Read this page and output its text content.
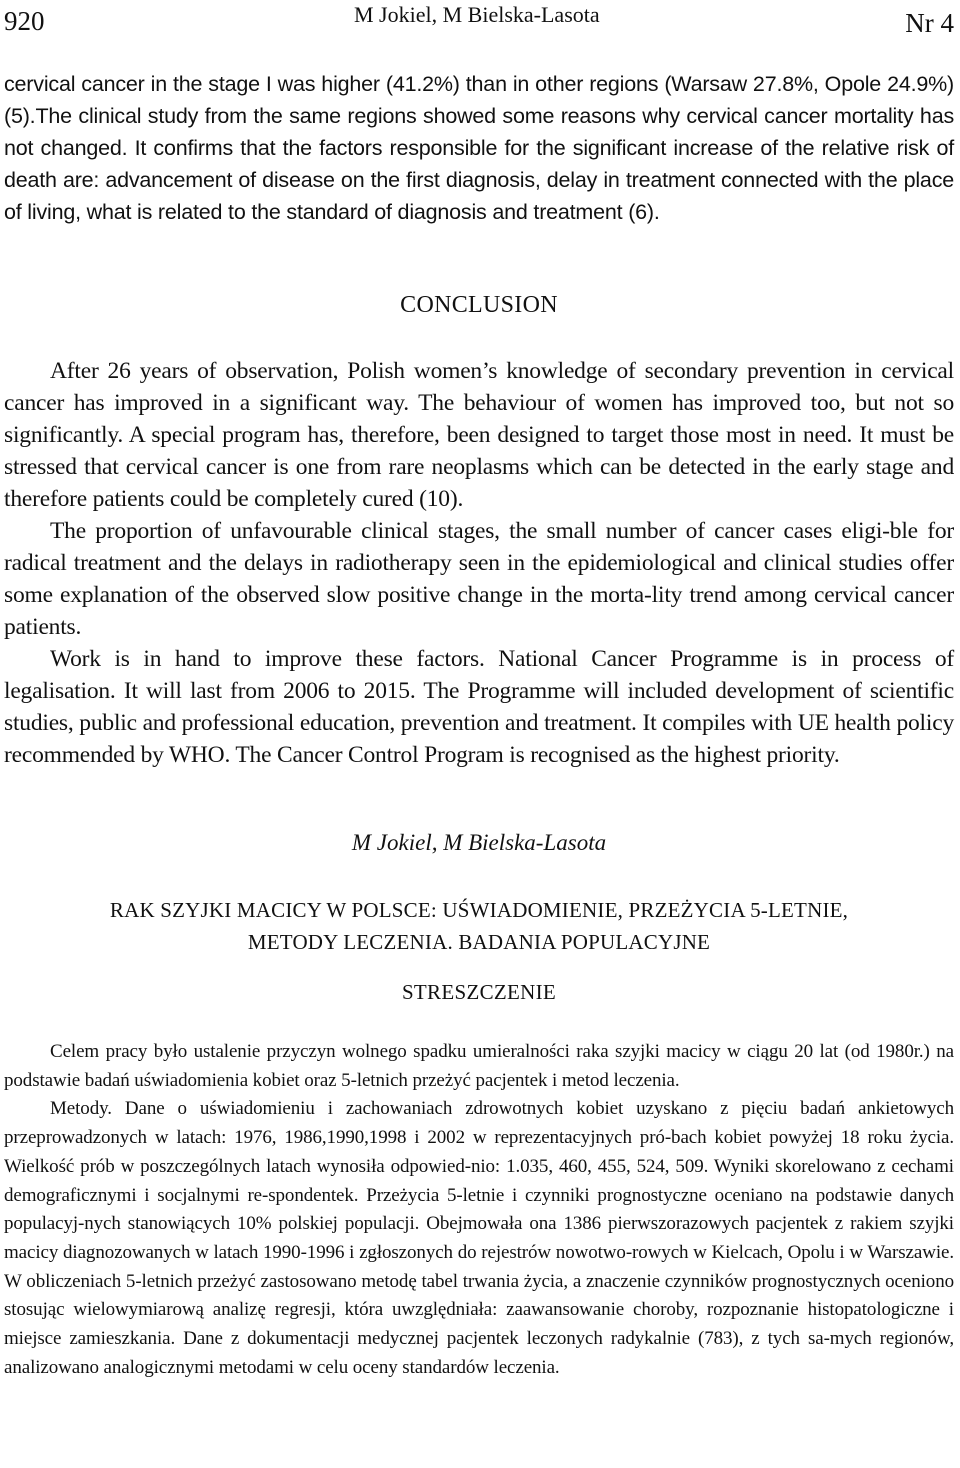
920	M Jokiel, M Bielska-Lasota	Nr 4

cervical cancer in the stage I was higher (41.2%) than in other regions (Warsaw 27.8%, Opole 24.9%) (5).The clinical study from the same regions showed some reasons why cervical cancer mortality has not changed. It confirms that the factors responsible for the significant increase of the relative risk of death are: advancement of disease on the first diagnosis, delay in treatment connected with the place of living, what is related to the standard of diagnosis and treatment (6).

CONCLUSION

After 26 years of observation, Polish women’s knowledge of secondary prevention in cervical cancer has improved in a significant way. The behaviour of women has improved too, but not so significantly. A special program has, therefore, been designed to target those most in need. It must be stressed that cervical cancer is one from rare neoplasms which can be detected in the early stage and therefore patients could be completely cured (10).

The proportion of unfavourable clinical stages, the small number of cancer cases eligi-ble for radical treatment and the delays in radiotherapy seen in the epidemiological and clinical studies offer some explanation of the observed slow positive change in the morta-lity trend among cervical cancer patients.

Work is in hand to improve these factors. National Cancer Programme is in process of legalisation. It will last from 2006 to 2015. The Programme will included development of scientific studies, public and professional education, prevention and treatment. It compiles with UE health policy recommended by WHO. The Cancer Control Program is recognised as the highest priority.

M Jokiel, M Bielska-Lasota
RAK SZYJKI MACICY W POLSCE: UŚWIADOMIENIE, PRZEŻYCIA 5-LETNIE,
METODY LECZENIA. BADANIA POPULACYJNE
STRESZCZENIE

Celem pracy było ustalenie przyczyn wolnego spadku umieralności raka szyjki macicy w ciągu 20 lat (od 1980r.) na podstawie badań uświadomienia kobiet oraz 5-letnich przeżyć pacjentek i metod leczenia.

Metody. Dane o uświadomieniu i zachowaniach zdrowotnych kobiet uzyskano z pięciu badań ankietowych przeprowadzonych w latach: 1976, 1986,1990,1998 i 2002 w reprezentacyjnych pró-bach kobiet powyżej 18 roku życia. Wielkość prób w poszczególnych latach wynosiła odpowied-nio: 1.035, 460, 455, 524, 509. Wyniki skorelowano z cechami demograficznymi i socjalnymi re-spondentek. Przeżycia 5-letnie i czynniki prognostyczne oceniano na podstawie danych populacyj-nych stanowiących 10% polskiej populacji. Obejmowała ona 1386 pierwszorazowych pacjentek z rakiem szyjki macicy diagnozowanych w latach 1990-1996 i zgłoszonych do rejestrów nowotwo-rowych w Kielcach, Opolu i w Warszawie. W obliczeniach 5-letnich przeżyć zastosowano metodę tabel trwania życia, a znaczenie czynników prognostycznych oceniono stosując wielowymiarową analizę regresji, która uwzględniała: zaawansowanie choroby, rozpoznanie histopatologiczne i miejsce zamieszkania. Dane z dokumentacji medycznej pacjentek leczonych radykalnie (783), z tych sa-mych regionów, analizowano analogicznymi metodami w celu oceny standardów leczenia.
